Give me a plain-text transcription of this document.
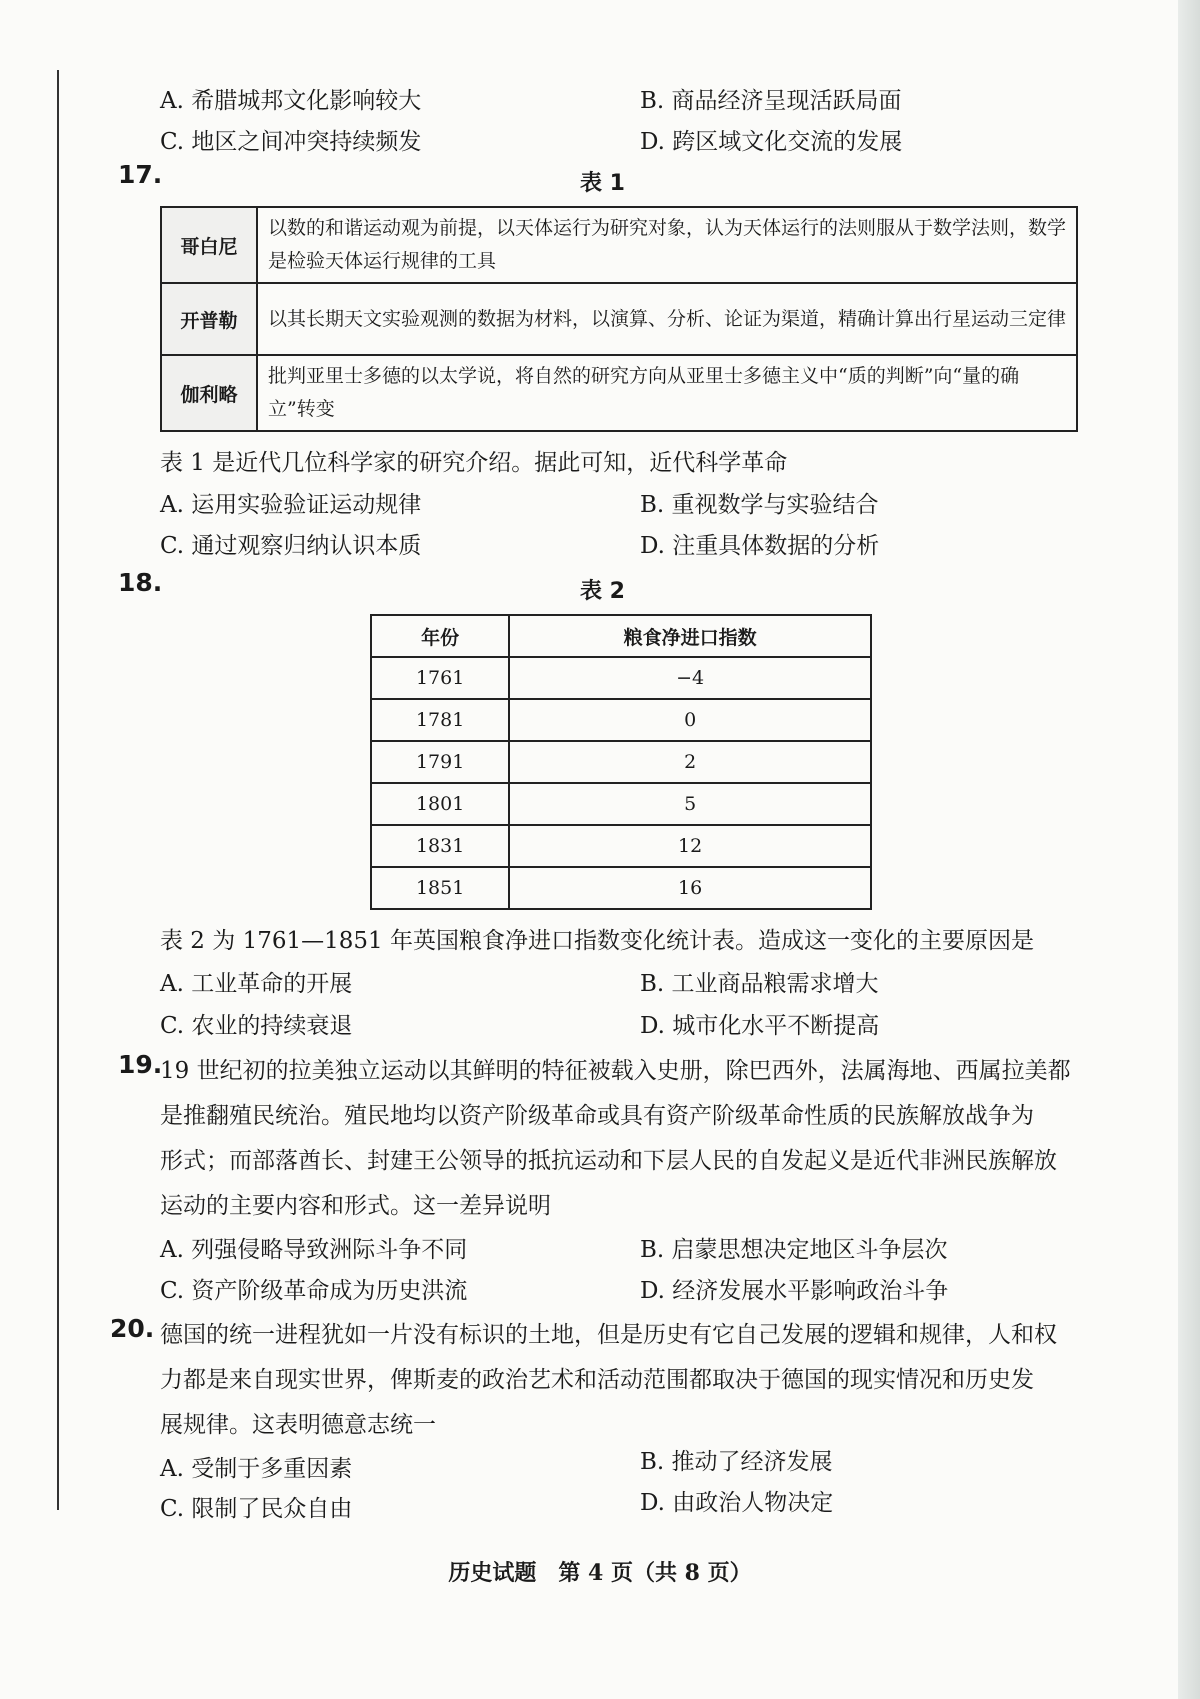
A. 希腊城邦文化影响较大	B. 商品经济呈现活跃局面
C. 地区之间冲突持续频发	D. 跨区域文化交流的发展
17.	表 1
哥白尼	以数的和谐运动观为前提，以天体运行为研究对象，认为天体运行的法则服从于数学法则，数学是检验天体运行规律的工具
开普勒	以其长期天文实验观测的数据为材料，以演算、分析、论证为渠道，精确计算出行星运动三定律
伽利略	批判亚里士多德的以太学说，将自然的研究方向从亚里士多德主义中“质的判断”向“量的确立”转变
表 1 是近代几位科学家的研究介绍。据此可知，近代科学革命
A. 运用实验验证运动规律	B. 重视数学与实验结合
C. 通过观察归纳认识本质	D. 注重具体数据的分析
18.	表 2
年份	粮食净进口指数
1761	−4
1781	0
1791	2
1801	5
1831	12
1851	16
表 2 为 1761—1851 年英国粮食净进口指数变化统计表。造成这一变化的主要原因是
A. 工业革命的开展	B. 工业商品粮需求增大
C. 农业的持续衰退	D. 城市化水平不断提高
19.
19 世纪初的拉美独立运动以其鲜明的特征被载入史册，除巴西外，法属海地、西属拉美都
是推翻殖民统治。殖民地均以资产阶级革命或具有资产阶级革命性质的民族解放战争为
形式；而部落酋长、封建王公领导的抵抗运动和下层人民的自发起义是近代非洲民族解放
运动的主要内容和形式。这一差异说明
A. 列强侵略导致洲际斗争不同	B. 启蒙思想决定地区斗争层次
C. 资产阶级革命成为历史洪流	D. 经济发展水平影响政治斗争
20. 德国的统一进程犹如一片没有标识的土地，但是历史有它自己发展的逻辑和规律，人和权
力都是来自现实世界，俾斯麦的政治艺术和活动范围都取决于德国的现实情况和历史发
展规律。这表明德意志统一
A. 受制于多重因素	B. 推动了经济发展
C. 限制了民众自由	D. 由政治人物决定
历史试题　第 4 页（共 8 页）
